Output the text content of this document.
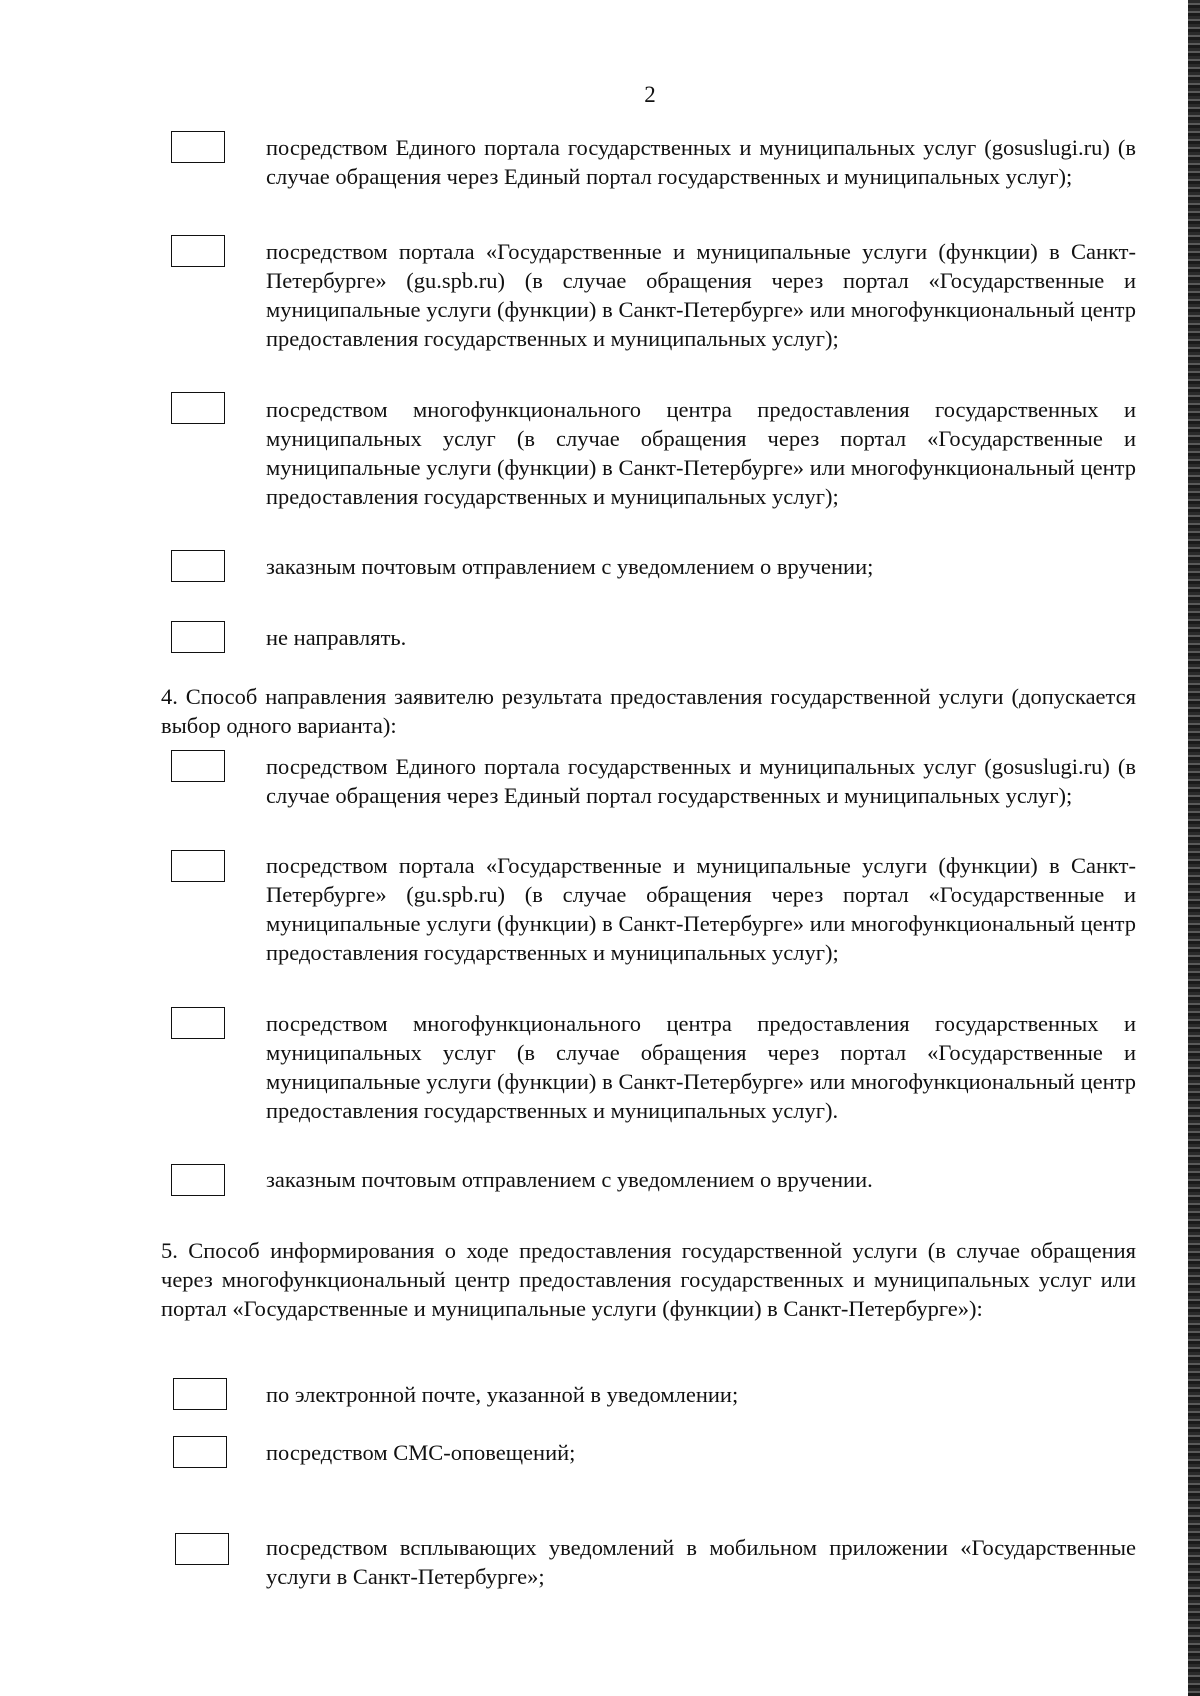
2
посредством Единого портала государственных и муниципальных услуг (gosuslugi.ru) (в случае обращения через Единый портал государственных и муниципальных услуг);
посредством портала «Государственные и муниципальные услуги (функции) в Санкт-Петербурге» (gu.spb.ru) (в случае обращения через портал «Государственные и муниципальные услуги (функции) в Санкт-Петербурге» или многофункциональный центр предоставления государственных и муниципальных услуг);
посредством многофункционального центра предоставления государственных и муниципальных услуг (в случае обращения через портал «Государственные и муниципальные услуги (функции) в Санкт-Петербурге» или многофункциональный центр предоставления государственных и муниципальных услуг);
заказным почтовым отправлением с уведомлением о вручении;
не направлять.
4. Способ направления заявителю результата предоставления государственной услуги (допускается выбор одного варианта):
посредством Единого портала государственных и муниципальных услуг (gosuslugi.ru) (в случае обращения через Единый портал государственных и муниципальных услуг);
посредством портала «Государственные и муниципальные услуги (функции) в Санкт-Петербурге» (gu.spb.ru) (в случае обращения через портал «Государственные и муниципальные услуги (функции) в Санкт-Петербурге» или многофункциональный центр предоставления государственных и муниципальных услуг);
посредством многофункционального центра предоставления государственных и муниципальных услуг (в случае обращения через портал «Государственные и муниципальные услуги (функции) в Санкт-Петербурге» или многофункциональный центр предоставления государственных и муниципальных услуг).
заказным почтовым отправлением с уведомлением о вручении.
5. Способ информирования о ходе предоставления государственной услуги (в случае обращения через многофункциональный центр предоставления государственных и муниципальных услуг или портал «Государственные и муниципальные услуги (функции) в Санкт-Петербурге»):
по электронной почте, указанной в уведомлении;
посредством СМС-оповещений;
посредством всплывающих уведомлений в мобильном приложении «Государственные услуги в Санкт-Петербурге»;
